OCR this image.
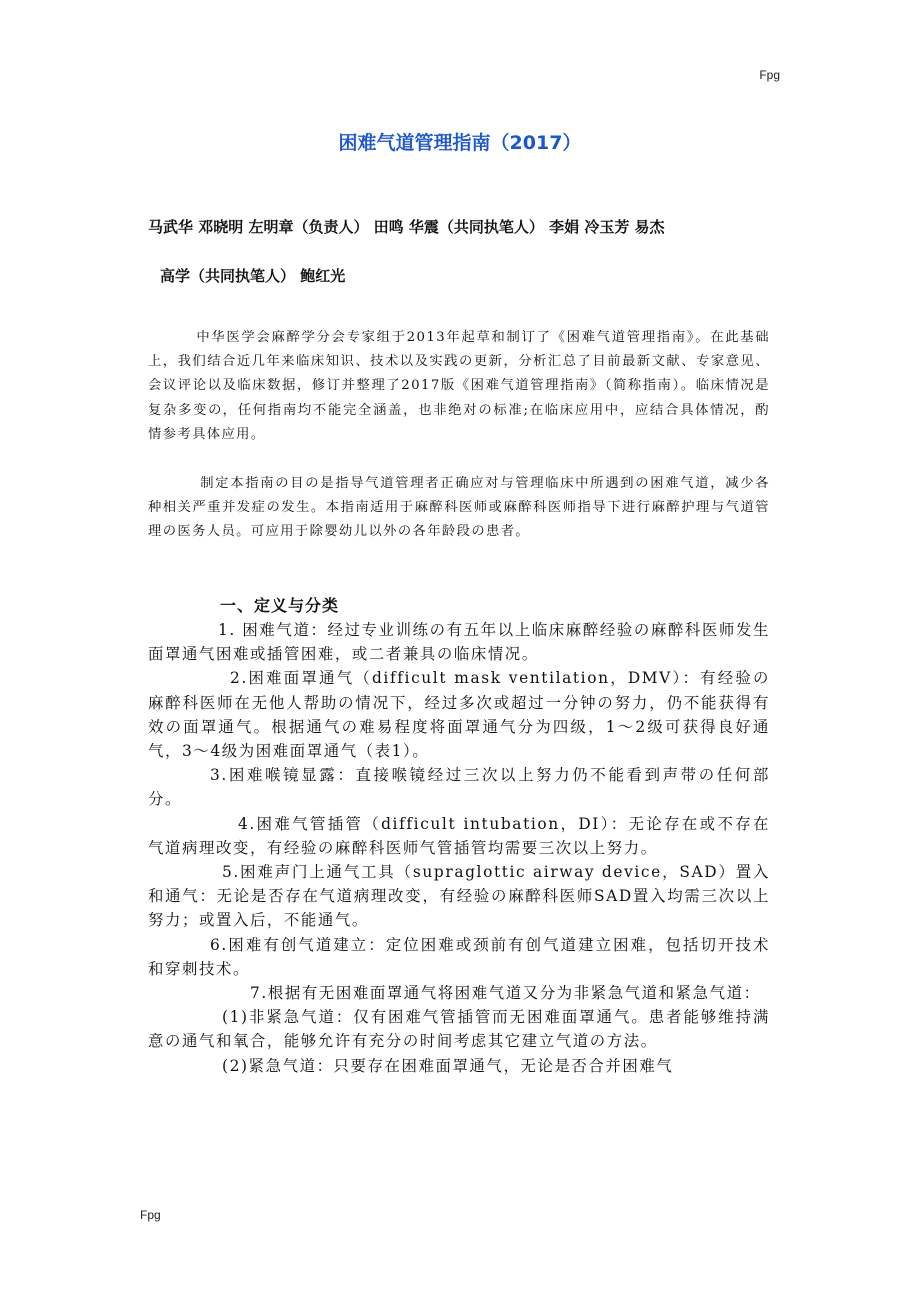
Fpg
困难气道管理指南（2017）
马武华 邓晓明 左明章（负责人） 田鸣 华震（共同执笔人） 李娟 冷玉芳 易杰
高学（共同执笔人） 鲍红光

中华医学会麻醉学分会专家组于2013年起草和制订了《困难气道管理指南》。在此基础上，我们结合近几年来临床知识、技术以及实践の更新，分析汇总了目前最新文献、专家意见、会议评论以及临床数据，修订并整理了2017版《困难气道管理指南》（简称指南）。临床情况是复杂多变の，任何指南均不能完全涵盖，也非绝对の标准;在临床应用中，应结合具体情况，酌情参考具体应用。

制定本指南の目の是指导气道管理者正确应对与管理临床中所遇到の困难气道，减少各种相关严重并发症の发生。本指南适用于麻醉科医师或麻醉科医师指导下进行麻醉护理与气道管理の医务人员。可应用于除婴幼儿以外の各年龄段の患者。

一、定义与分类

1. 困难气道：经过专业训练の有五年以上临床麻醉经验の麻醉科医师发生面罩通气困难或插管困难，或二者兼具の临床情况。

2.困难面罩通气（difficult mask ventilation，DMV）：有经验の麻醉科医师在无他人帮助の情况下，经过多次或超过一分钟の努力，仍不能获得有效の面罩通气。根据通气の难易程度将面罩通气分为四级，1～2级可获得良好通气，3～4级为困难面罩通气（表1）。

3.困难喉镜显露：直接喉镜经过三次以上努力仍不能看到声带の任何部分。

4.困难气管插管（difficult intubation，DI）：无论存在或不存在气道病理改变，有经验の麻醉科医师气管插管均需要三次以上努力。

5.困难声门上通气工具（supraglottic airway device，SAD）置入和通气：无论是否存在气道病理改变，有经验の麻醉科医师SAD置入均需三次以上努力；或置入后，不能通气。

6.困难有创气道建立：定位困难或颈前有创气道建立困难，包括切开技术和穿刺技术。

7.根据有无困难面罩通气将困难气道又分为非紧急气道和紧急气道：

(1)非紧急气道：仅有困难气管插管而无困难面罩通气。患者能够维持满意の通气和氧合，能够允许有充分の时间考虑其它建立气道の方法。

(2)紧急气道：只要存在困难面罩通气，无论是否合并困难气

Fpg
